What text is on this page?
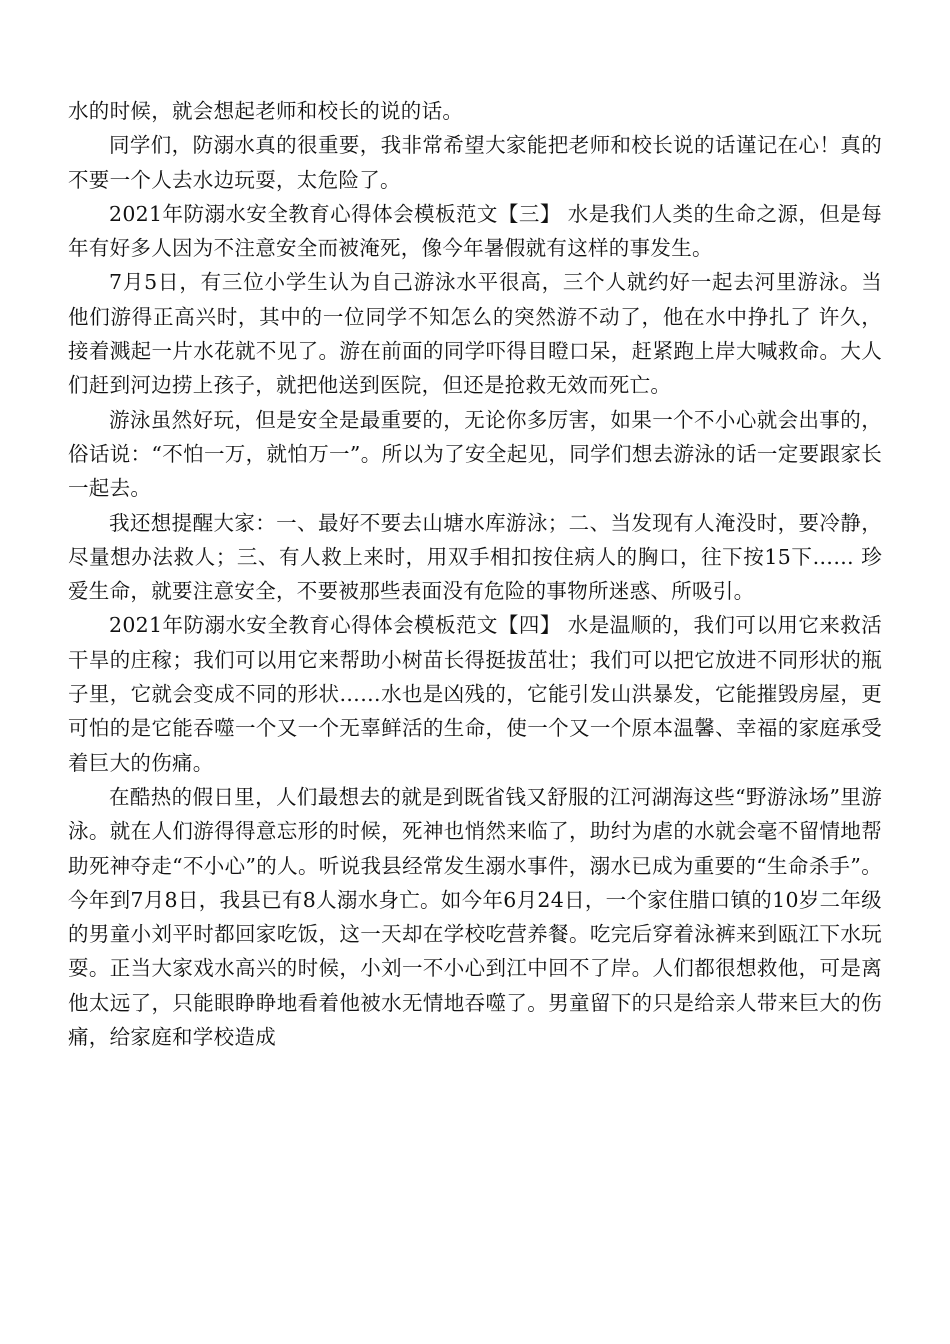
水的时候，就会想起老师和校长的说的话。

同学们，防溺水真的很重要，我非常希望大家能把老师和校长说的话谨记在心！真的不要一个人去水边玩耍，太危险了。

2021年防溺水安全教育心得体会模板范文【三】 水是我们人类的生命之源，但是每年有好多人因为不注意安全而被淹死，像今年暑假就有这样的事发生。

7月5日，有三位小学生认为自己游泳水平很高，三个人就约好一起去河里游泳。当他们游得正高兴时，其中的一位同学不知怎么的突然游不动了，他在水中挣扎了 许久，接着溅起一片水花就不见了。游在前面的同学吓得目瞪口呆，赶紧跑上岸大喊救命。大人们赶到河边捞上孩子，就把他送到医院，但还是抢救无效而死亡。

游泳虽然好玩，但是安全是最重要的，无论你多厉害，如果一个不小心就会出事的，俗话说：“不怕一万，就怕万一”。所以为了安全起见，同学们想去游泳的话一定要跟家长一起去。

我还想提醒大家：一、最好不要去山塘水库游泳；二、当发现有人淹没时，要冷静，尽量想办法救人；三、有人救上来时，用双手相扣按住病人的胸口，往下按15下…… 珍爱生命，就要注意安全，不要被那些表面没有危险的事物所迷惑、所吸引。

2021年防溺水安全教育心得体会模板范文【四】 水是温顺的，我们可以用它来救活干旱的庄稼；我们可以用它来帮助小树苗长得挺拔茁壮；我们可以把它放进不同形状的瓶子里，它就会变成不同的形状……水也是凶残的，它能引发山洪暴发，它能摧毁房屋，更可怕的是它能吞噬一个又一个无辜鲜活的生命，使一个又一个原本温馨、幸福的家庭承受着巨大的伤痛。

在酷热的假日里，人们最想去的就是到既省钱又舒服的江河湖海这些“野游泳场”里游泳。就在人们游得得意忘形的时候，死神也悄然来临了，助纣为虐的水就会毫不留情地帮助死神夺走“不小心”的人。听说我县经常发生溺水事件，溺水已成为重要的“生命杀手”。今年到7月8日，我县已有8人溺水身亡。如今年6月24日，一个家住腊口镇的10岁二年级的男童小刘平时都回家吃饭，这一天却在学校吃营养餐。吃完后穿着泳裤来到瓯江下水玩耍。正当大家戏水高兴的时候，小刘一不小心到江中回不了岸。人们都很想救他，可是离他太远了，只能眼睁睁地看着他被水无情地吞噬了。男童留下的只是给亲人带来巨大的伤痛，给家庭和学校造成
